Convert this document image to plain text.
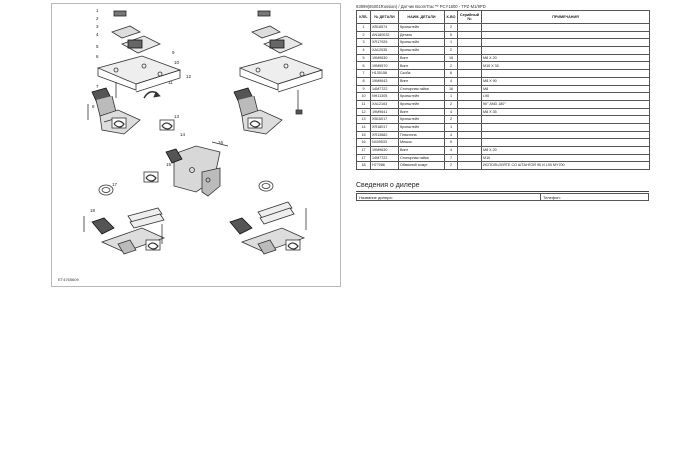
63999(65001Russian) / Датчик BoomTrac™ PCY1800 - TPZ-M1/9PD
1
2
3
4
5
6
7
8
9
10
11
12
13
14
15
16
17
18
ET4765609
КЛБ.	№ ДЕТАЛИ	НАИМ. ДЕТАЛИ	К-ВО	Серийный №	ПРИМЕЧАНИЯ
1	XB16574	Кронштейн	2		
2	AN180032	Деталь	5		
3	XR17926	Кронштейн	1		
4	XA12935	Кронштейн	2		
5	19M9630	Винт	16		M8 X 20
6	19M9570	Винт	2		M10 X 30
7	H135158	Скоба	6		
8	19M9643	Винт	4		M8 X 90
9	14M7722	Стопорная гайка	16		M8
10	NH11305	Кронштейн	1		L90
11	XA12163	Кронштейн	2		90° AND 180°
12	19M9641	Винт	4		M8 X 35
13	XB16017	Кронштейн	2		
14	XR18017	Кронштейн	1		
15	XR13682	Пластина	4		
16	N409533	Мешок	5		
17	19M9630	Винт	4		M8 X 20
17	14M7722	Стопорная гайка	7		M10
18	H77086	Обвязной хомут	2		ИСПОЛЬЗУЙТЕ СО ШТАНГОЙ 90 И L90 MY700
Сведения о дилере
Название дилера:	Телефон:
